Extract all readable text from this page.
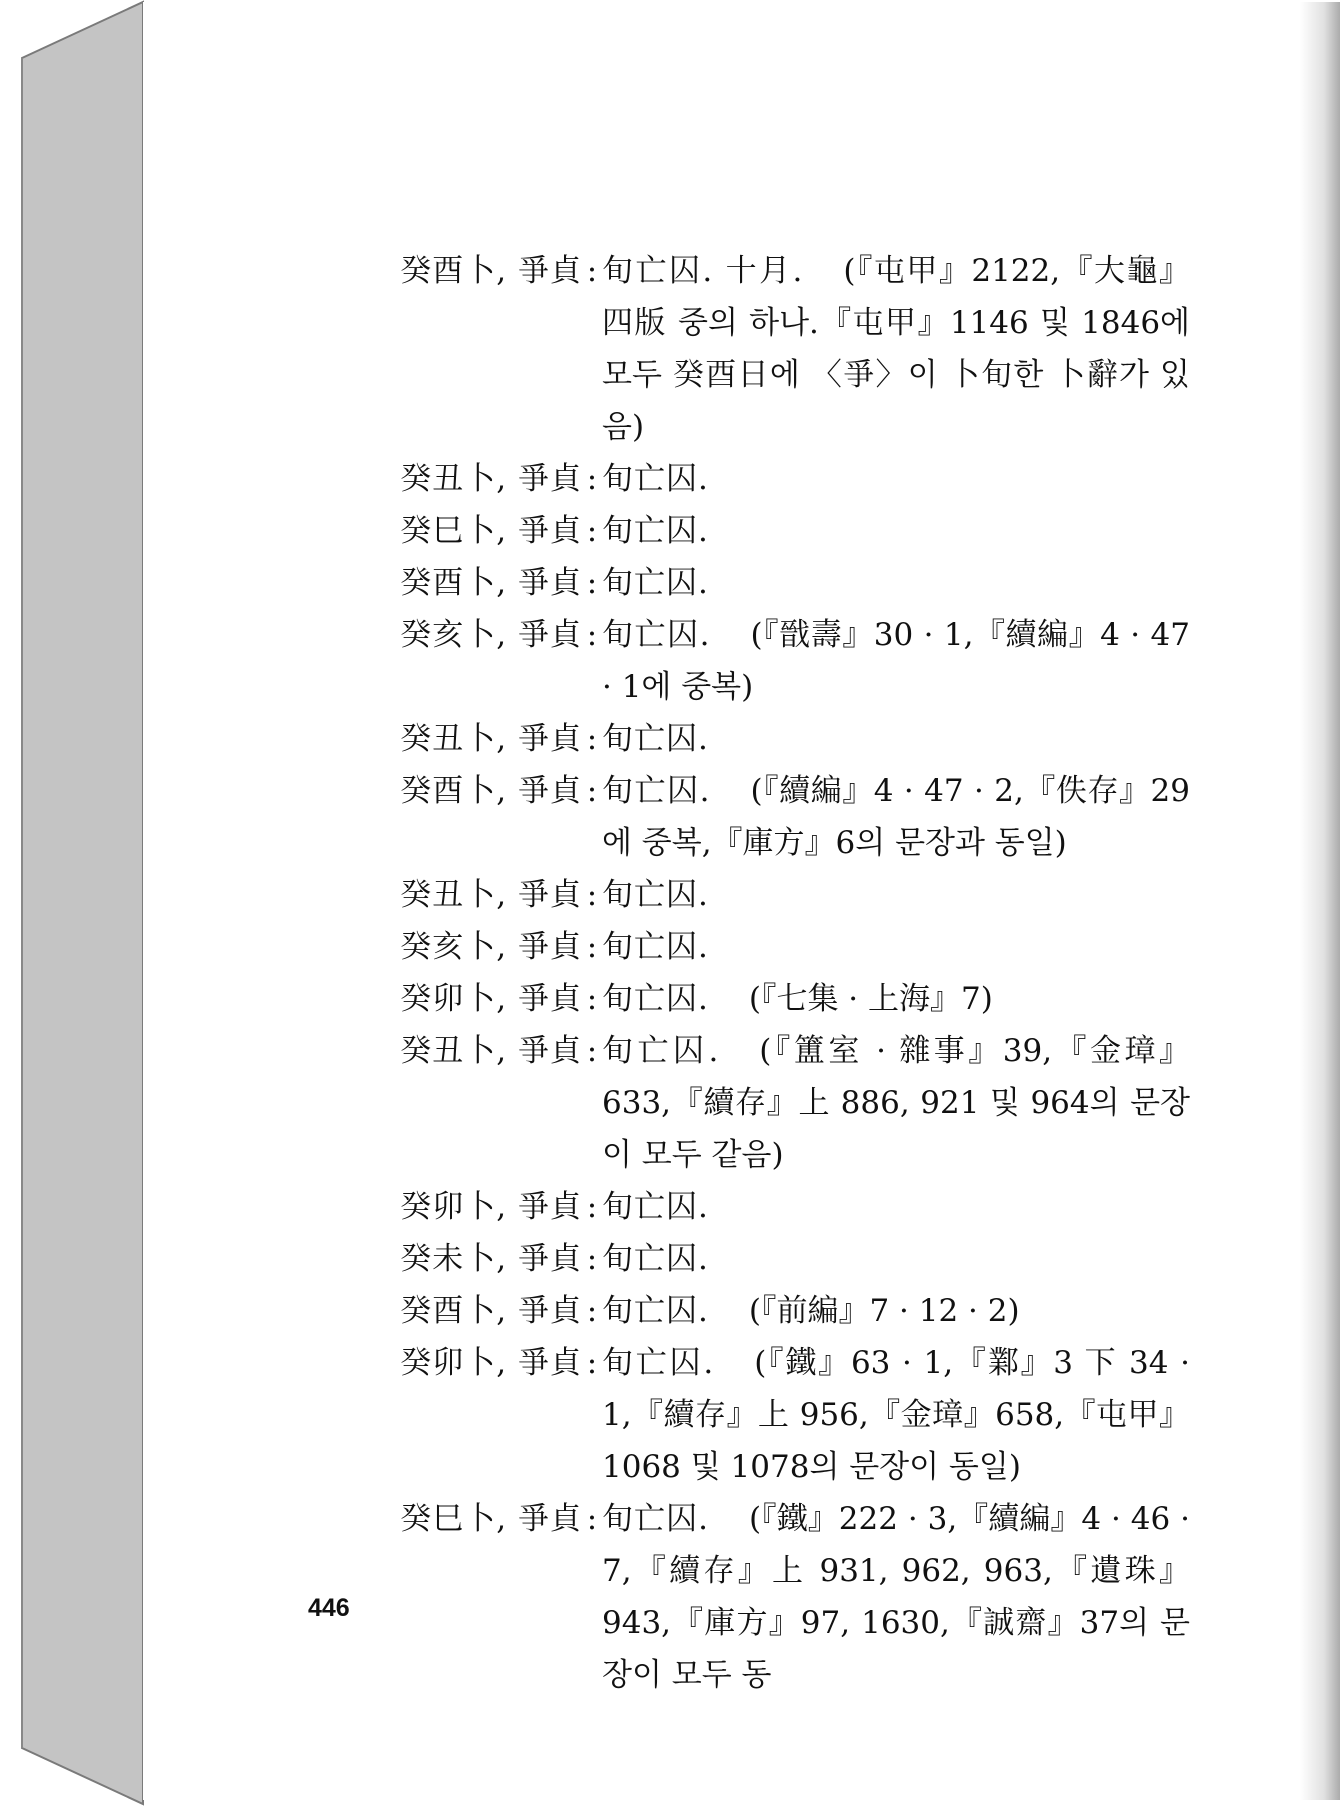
癸酉卜, 爭貞 : 旬亡囚. 十月. (『屯甲』2122,『大龜』四版 중의 하나.『屯甲』1146 및 1846에 모두 癸酉日에 〈爭〉이 卜旬한 卜辭가 있음)
癸丑卜, 爭貞 : 旬亡囚.
癸巳卜, 爭貞 : 旬亡囚.
癸酉卜, 爭貞 : 旬亡囚.
癸亥卜, 爭貞 : 旬亡囚. (『戩壽』30 · 1,『續編』4 · 47 · 1에 중복)
癸丑卜, 爭貞 : 旬亡囚.
癸酉卜, 爭貞 : 旬亡囚. (『續編』4 · 47 · 2,『佚存』29에 중복,『庫方』6의 문장과 동일)
癸丑卜, 爭貞 : 旬亡囚.
癸亥卜, 爭貞 : 旬亡囚.
癸卯卜, 爭貞 : 旬亡囚. (『七集 · 上海』7)
癸丑卜, 爭貞 : 旬亡囚. (『簠室 · 雜事』39,『金璋』633,『續存』上 886, 921 및 964의 문장이 모두 같음)
癸卯卜, 爭貞 : 旬亡囚.
癸未卜, 爭貞 : 旬亡囚.
癸酉卜, 爭貞 : 旬亡囚. (『前編』7 · 12 · 2)
癸卯卜, 爭貞 : 旬亡囚. (『鐵』63 · 1,『鄴』3 下 34 · 1,『續存』上 956,『金璋』658,『屯甲』1068 및 1078의 문장이 동일)
癸巳卜, 爭貞 : 旬亡囚. (『鐵』222 · 3,『續編』4 · 46 · 7,『續存』上 931, 962, 963,『遺珠』943,『庫方』97, 1630,『誠齋』37의 문장이 모두 동
446
